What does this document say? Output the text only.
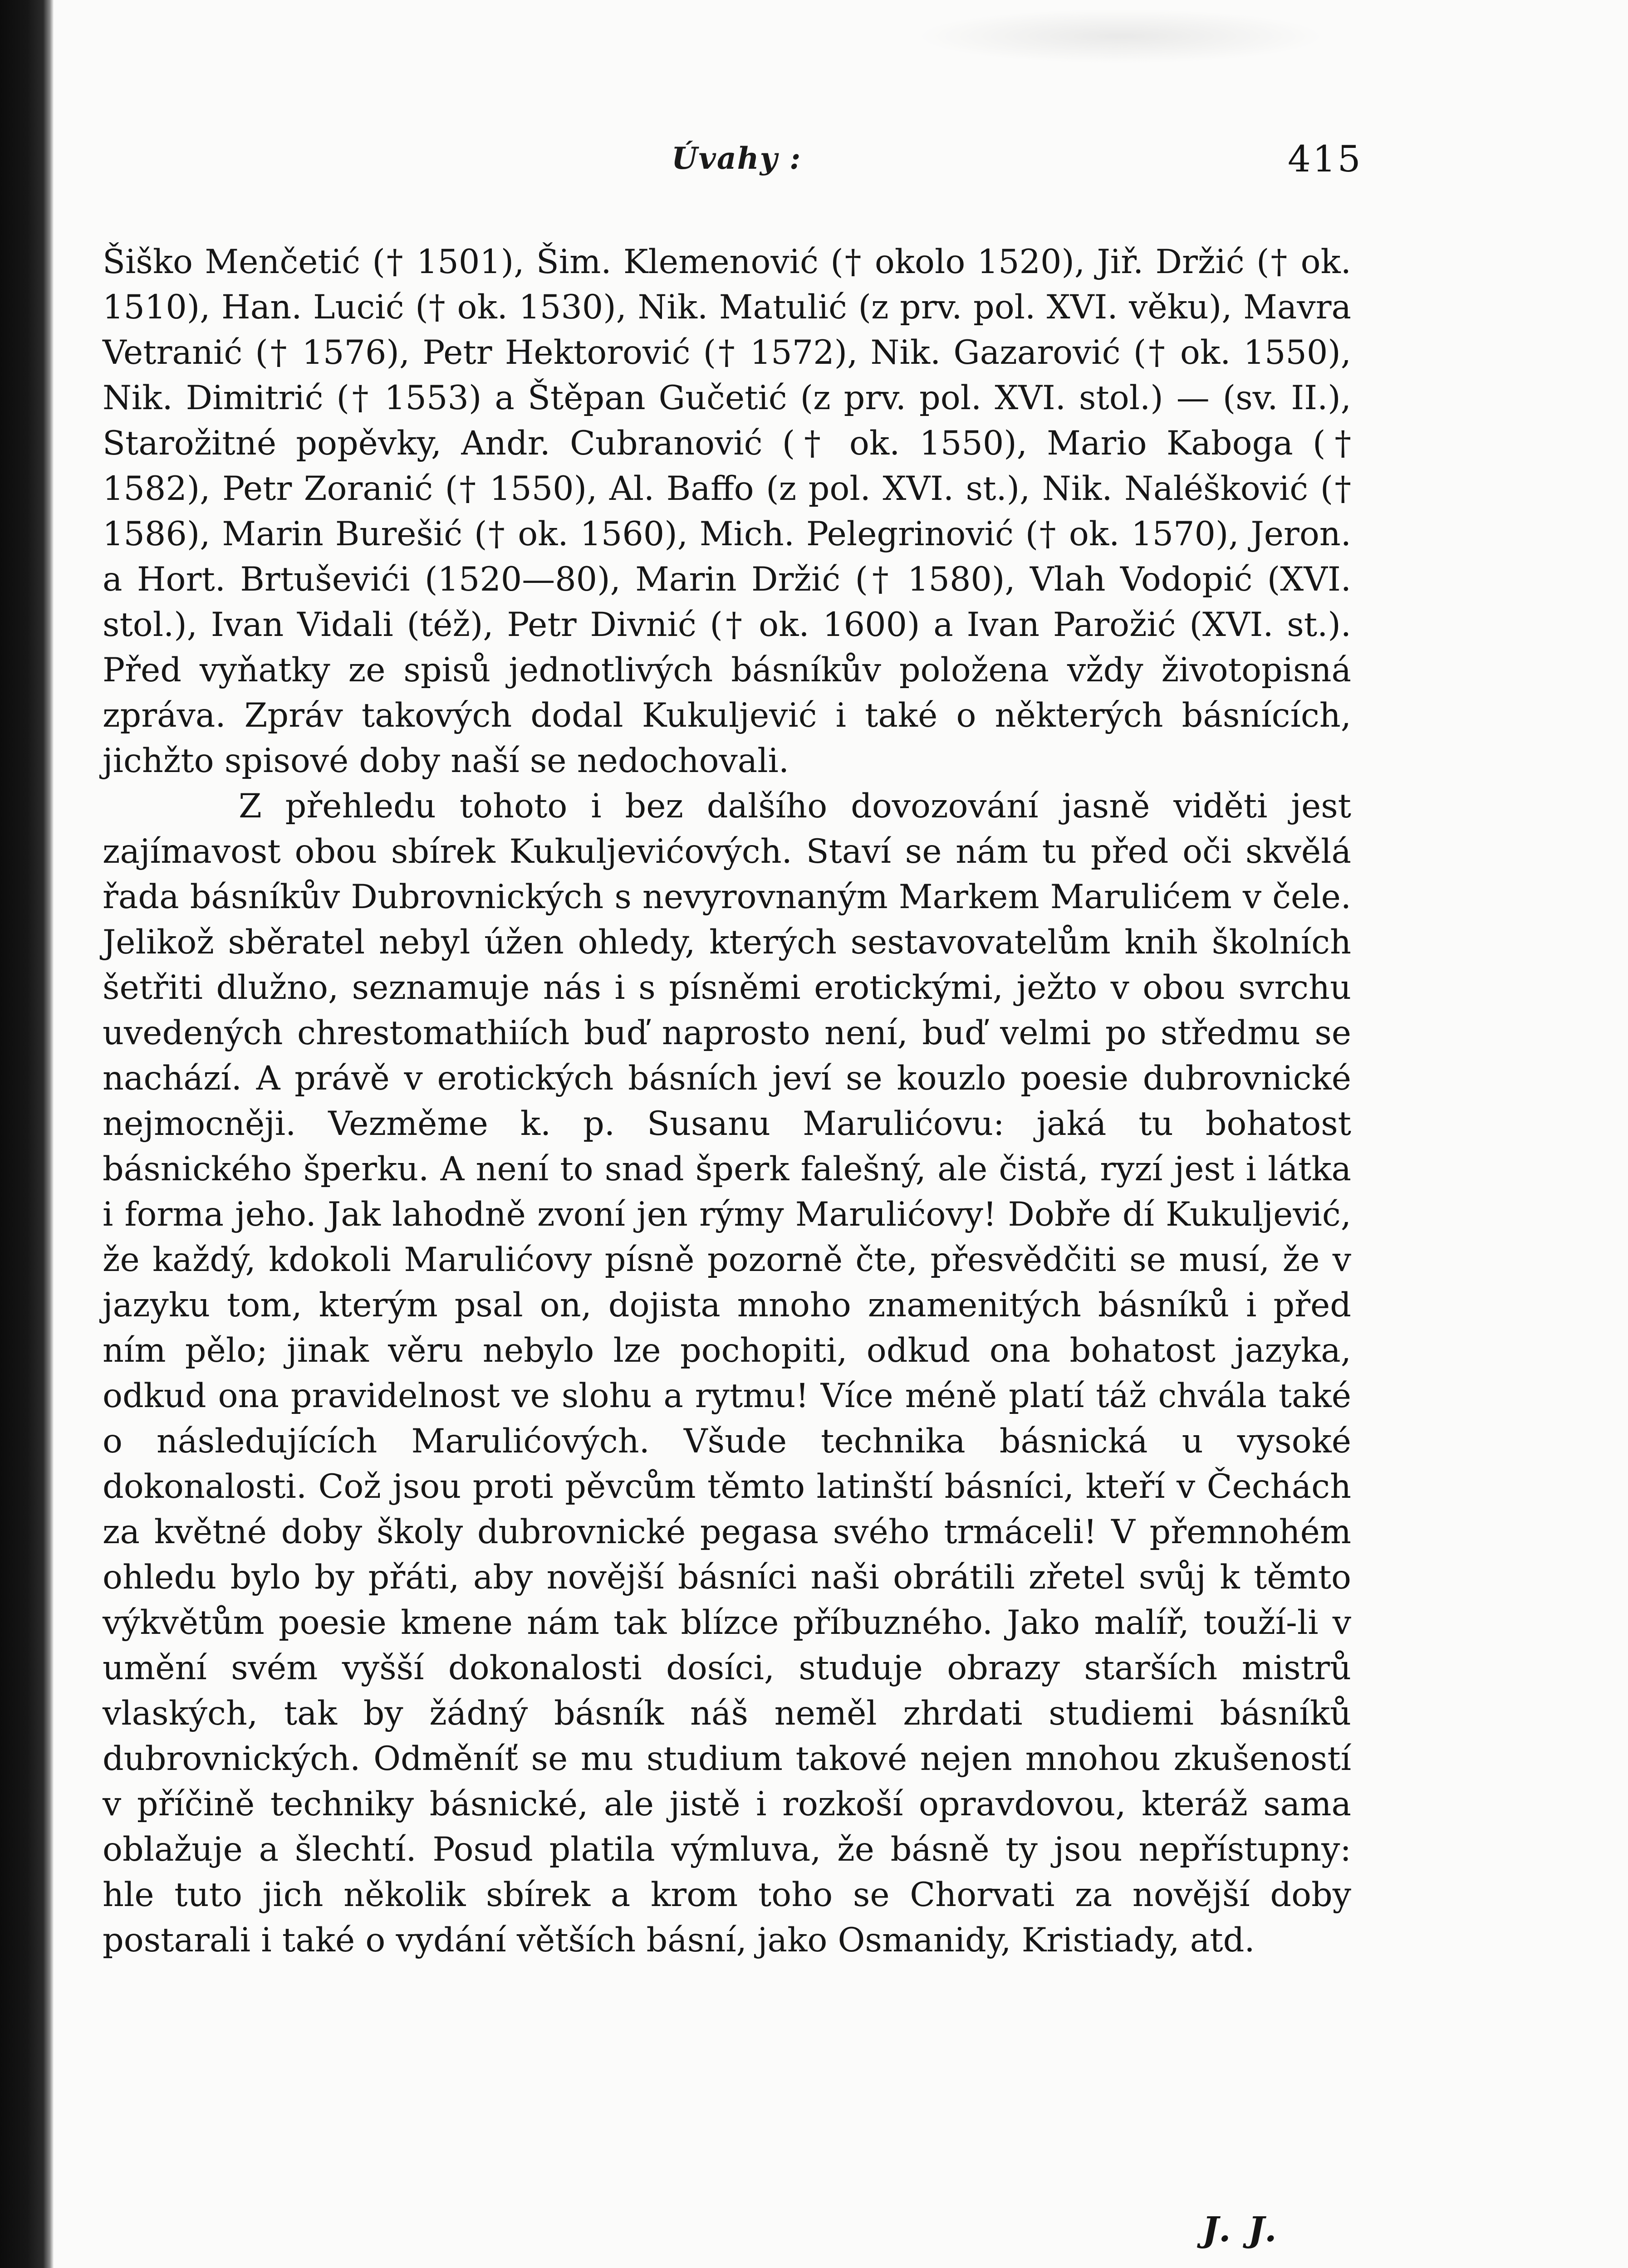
Úvahy :	415

Šiško Menčetić († 1501), Šim. Klemenović († okolo 1520), Jiř. Držić († ok. 1510), Han. Lucić († ok. 1530), Nik. Matulić (z prv. pol. XVI. věku), Mavra Vetranić († 1576), Petr Hektorović († 1572), Nik. Gazarović († ok. 1550), Nik. Dimitrić († 1553) a Štěpan Gučetić (z prv. pol. XVI. stol.) — (sv. II.), Starožitné popěvky, Andr. Cubranović († ok. 1550), Mario Kaboga († 1582), Petr Zoranić († 1550), Al. Baffo (z pol. XVI. st.), Nik. Naléšković († 1586), Marin Burešić († ok. 1560), Mich. Pelegrinović († ok. 1570), Jeron. a Hort. Brtuševići (1520—80), Marin Držić († 1580), Vlah Vodopić (XVI. stol.), Ivan Vidali (též), Petr Divnić († ok. 1600) a Ivan Parožić (XVI. st.). Před vyňatky ze spisů jednotlivých básníkův položena vždy životopisná zpráva. Zpráv takových dodal Kukuljević i také o některých básnících, jichžto spisové doby naší se nedochovali.

Z přehledu tohoto i bez dalšího dovozování jasně viděti jest zajímavost obou sbírek Kukuljevićových. Staví se nám tu před oči skvělá řada básníkův Dubrovnických s nevyrovnaným Markem Marulićem v čele. Jelikož sběratel nebyl úžen ohledy, kterých sestavovatelům knih školních šetřiti dlužno, seznamuje nás i s písněmi erotickými, ježto v obou svrchu uvedených chrestomathiích buď naprosto není, buď velmi po středmu se nachází. A právě v erotických básních jeví se kouzlo poesie dubrovnické nejmocněji. Vezměme k. p. Susanu Marulićovu: jaká tu bohatost básnického šperku. A není to snad šperk falešný, ale čistá, ryzí jest i látka i forma jeho. Jak lahodně zvoní jen rýmy Marulićovy! Dobře dí Kukuljević, že každý, kdokoli Marulićovy písně pozorně čte, přesvědčiti se musí, že v jazyku tom, kterým psal on, dojista mnoho znamenitých básníků i před ním pělo; jinak věru nebylo lze pochopiti, odkud ona bohatost jazyka, odkud ona pravidelnost ve slohu a rytmu! Více méně platí táž chvála také o následujících Marulićových. Všude technika básnická u vysoké dokonalosti. Což jsou proti pěvcům těmto latinští básníci, kteří v Čechách za květné doby školy dubrovnické pegasa svého trmáceli! V přemnohém ohledu bylo by přáti, aby novější básníci naši obrátili zřetel svůj k těmto výkvětům poesie kmene nám tak blízce příbuzného. Jako malíř, touží-li v umění svém vyšší dokonalosti dosíci, studuje obrazy starších mistrů vlaských, tak by žádný básník náš neměl zhrdati studiemi básníků dubrovnických. Odměníť se mu studium takové nejen mnohou zkušeností v příčině techniky básnické, ale jistě i rozkoší opravdovou, kteráž sama oblažuje a šlechtí. Posud platila výmluva, že básně ty jsou nepřístupny: hle tuto jich několik sbírek a krom toho se Chorvati za novější doby postarali i také o vydání větších básní, jako Osmanidy, Kristiady, atd.

J. J.
